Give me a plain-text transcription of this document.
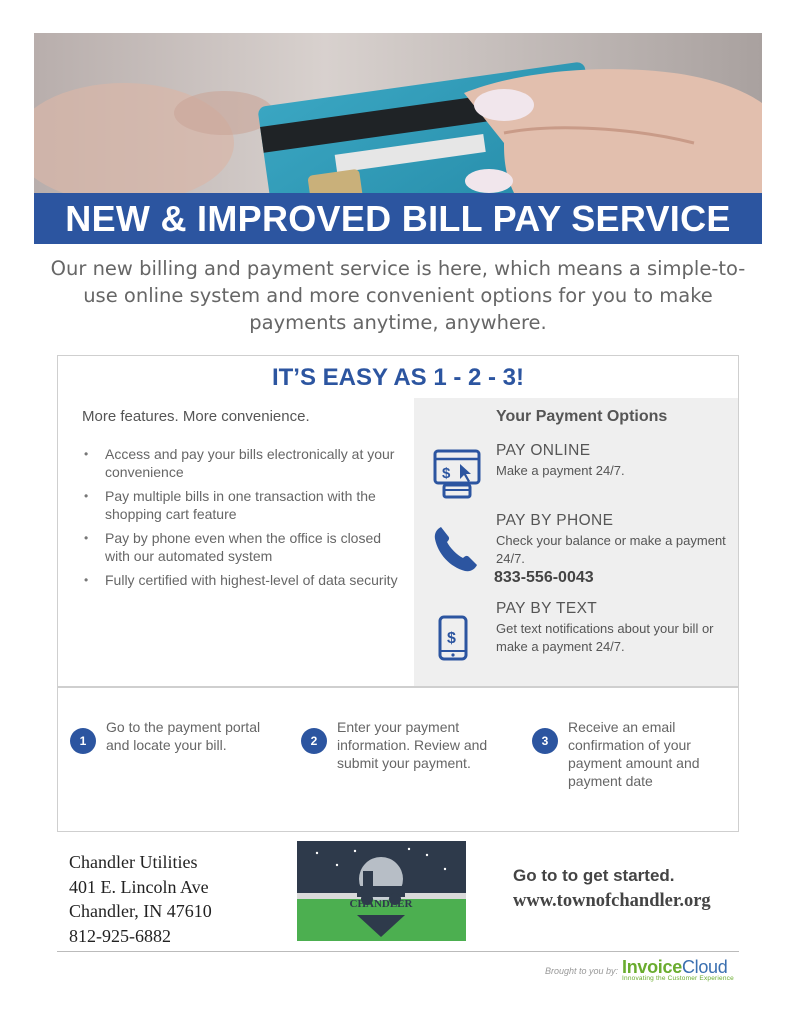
NEW & IMPROVED BILL PAY SERVICE
Our new billing and payment service is here, which means a simple-to-use online system and more convenient options for you to make payments anytime, anywhere.
IT’S EASY AS 1 - 2 - 3!
More features. More convenience.
• Access and pay your bills electronically at your convenience
• Pay multiple bills in one transaction with the shopping cart feature
• Pay by phone even when the office is closed with our automated system
• Fully certified with highest-level of data security
Your Payment Options
$
PAY ONLINE
Make a payment 24/7.
PAY BY PHONE
Check your balance or make a payment 24/7.
833-556-0043
$
PAY BY TEXT
Get text notifications about your bill or make a payment 24/7.
1
Go to the payment portal and locate your bill.	2
Enter your payment information. Review and submit your payment.
3
Receive an email confirmation of your payment amount and payment date
Chandler Utilities
401 E. Lincoln Ave
Chandler, IN 47610
812-925-6882
CHANDLER
Go to to get started.
www.townofchandler.org
Brought to you by: InvoiceCloud
Innovating the Customer Experience
